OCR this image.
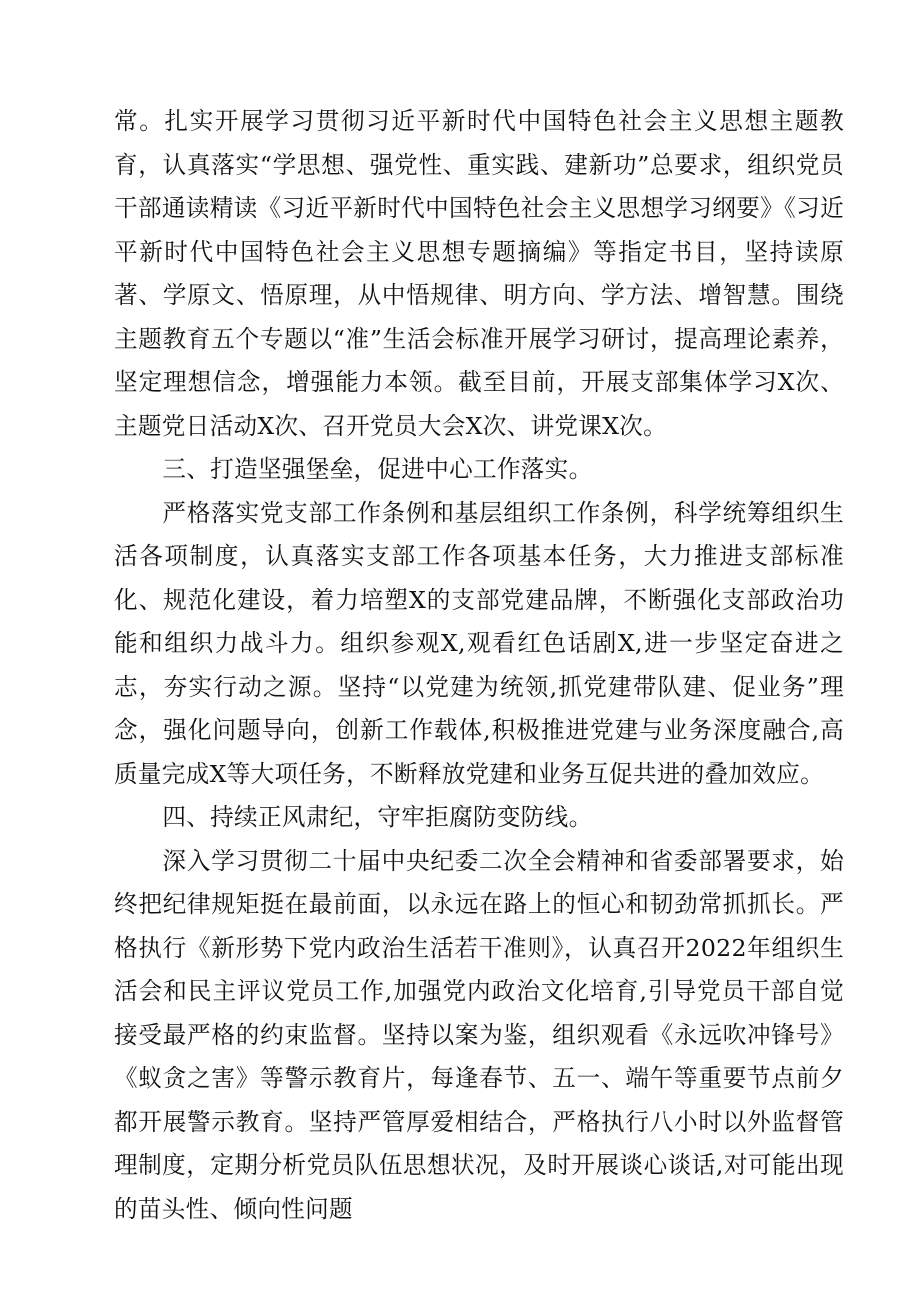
常。扎实开展学习贯彻习近平新时代中国特色社会主义思想主题教育，认真落实“学思想、强党性、重实践、建新功”总要求，组织党员干部通读精读《习近平新时代中国特色社会主义思想学习纲要》《习近平新时代中国特色社会主义思想专题摘编》等指定书目，坚持读原著、学原文、悟原理，从中悟规律、明方向、学方法、增智慧。围绕主题教育五个专题以“准”生活会标准开展学习研讨，提高理论素养，坚定理想信念，增强能力本领。截至目前，开展支部集体学习X次、主题党日活动X次、召开党员大会X次、讲党课X次。

三、打造坚强堡垒，促进中心工作落实。

严格落实党支部工作条例和基层组织工作条例，科学统筹组织生活各项制度，认真落实支部工作各项基本任务，大力推进支部标准化、规范化建设，着力培塑X的支部党建品牌，不断强化支部政治功能和组织力战斗力。组织参观X,观看红色话剧X,进一步坚定奋进之志，夯实行动之源。坚持“以党建为统领,抓党建带队建、促业务”理念，强化问题导向，创新工作载体,积极推进党建与业务深度融合,高质量完成X等大项任务，不断释放党建和业务互促共进的叠加效应。

四、持续正风肃纪，守牢拒腐防变防线。

深入学习贯彻二十届中央纪委二次全会精神和省委部署要求，始终把纪律规矩挺在最前面，以永远在路上的恒心和韧劲常抓抓长。严格执行《新形势下党内政治生活若干准则》，认真召开2022年组织生活会和民主评议党员工作,加强党内政治文化培育,引导党员干部自觉接受最严格的约束监督。坚持以案为鉴，组织观看《永远吹冲锋号》《蚁贪之害》等警示教育片，每逢春节、五一、端午等重要节点前夕都开展警示教育。坚持严管厚爱相结合，严格执行八小时以外监督管理制度，定期分析党员队伍思想状况，及时开展谈心谈话,对可能出现的苗头性、倾向性问题
